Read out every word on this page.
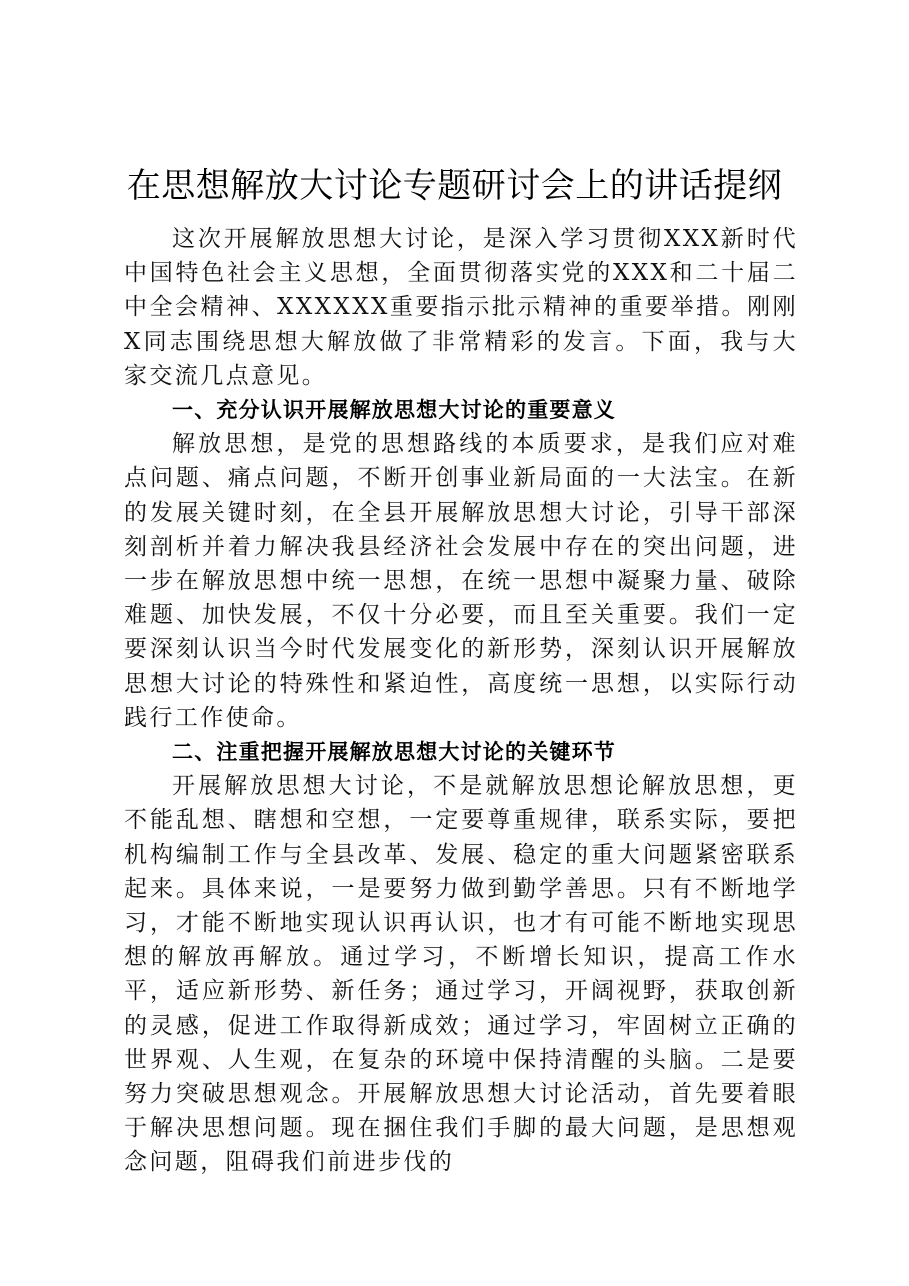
在思想解放大讨论专题研讨会上的讲话提纲

这次开展解放思想大讨论，是深入学习贯彻XXX新时代中国特色社会主义思想，全面贯彻落实党的XXX和二十届二中全会精神、XXXXXX重要指示批示精神的重要举措。刚刚X同志围绕思想大解放做了非常精彩的发言。下面，我与大家交流几点意见。

一、充分认识开展解放思想大讨论的重要意义

解放思想，是党的思想路线的本质要求，是我们应对难点问题、痛点问题，不断开创事业新局面的一大法宝。在新的发展关键时刻，在全县开展解放思想大讨论，引导干部深刻剖析并着力解决我县经济社会发展中存在的突出问题，进一步在解放思想中统一思想，在统一思想中凝聚力量、破除难题、加快发展，不仅十分必要，而且至关重要。我们一定要深刻认识当今时代发展变化的新形势，深刻认识开展解放思想大讨论的特殊性和紧迫性，高度统一思想，以实际行动践行工作使命。

二、注重把握开展解放思想大讨论的关键环节

开展解放思想大讨论，不是就解放思想论解放思想，更不能乱想、瞎想和空想，一定要尊重规律，联系实际，要把机构编制工作与全县改革、发展、稳定的重大问题紧密联系起来。具体来说，一是要努力做到勤学善思。只有不断地学习，才能不断地实现认识再认识，也才有可能不断地实现思想的解放再解放。通过学习，不断增长知识，提高工作水平，适应新形势、新任务；通过学习，开阔视野，获取创新的灵感，促进工作取得新成效；通过学习，牢固树立正确的世界观、人生观，在复杂的环境中保持清醒的头脑。二是要努力突破思想观念。开展解放思想大讨论活动，首先要着眼于解决思想问题。现在捆住我们手脚的最大问题，是思想观念问题，阻碍我们前进步伐的
